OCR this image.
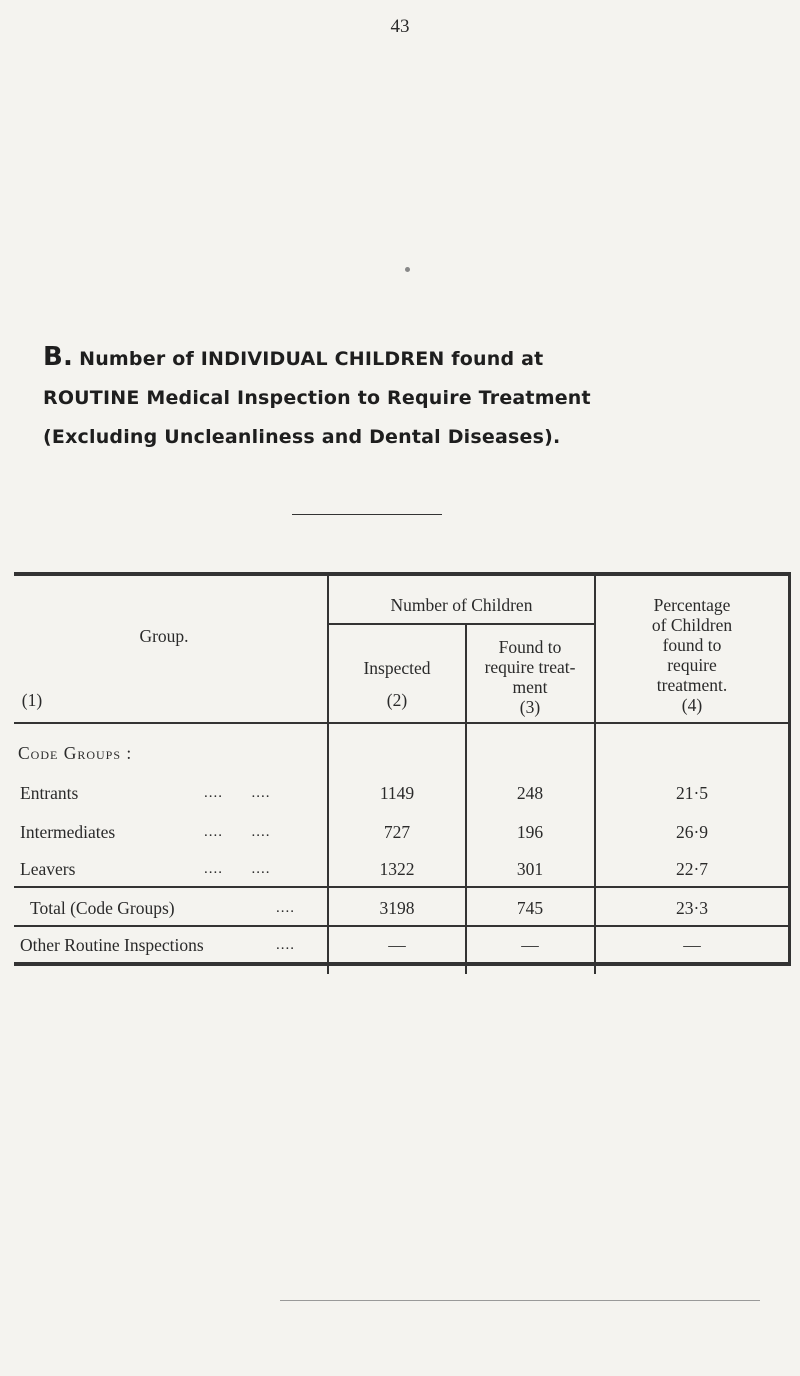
43
B. Number of INDIVIDUAL CHILDREN found at
ROUTINE Medical Inspection to Require Treatment
(Excluding Uncleanliness and Dental Diseases).
Group.
(1)
Number of Children
Inspected
(2)
Found to
require treat-
ment
(3)
Percentage
of Children
found to
require
treatment.
(4)
Code Groups :
Entrants	....      ....	1149	248	21·5
Intermediates	....      ....	727	196	26·9
Leavers	....      ....	1322	301	22·7
Total (Code Groups)	....	3198	745	23·3
Other Routine Inspections	....	—	—	—
